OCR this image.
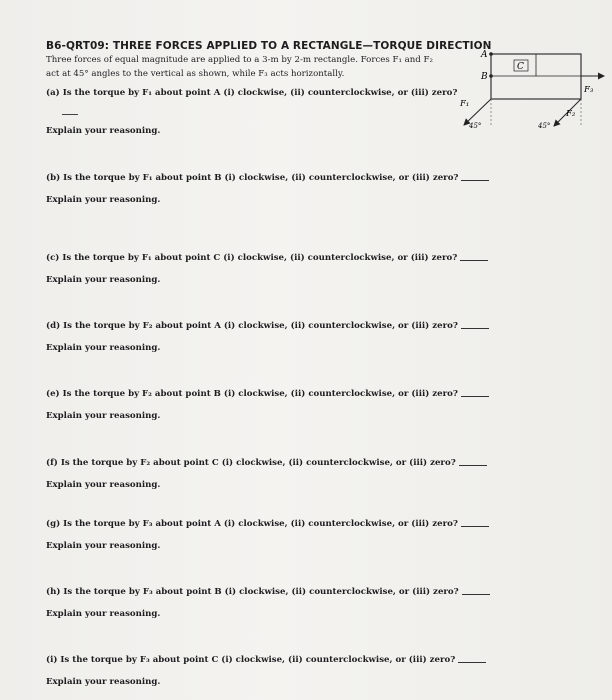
B6-QRT09: THREE FORCES APPLIED TO A RECTANGLE—TORQUE DIRECTION
Three forces of equal magnitude are applied to a 3-m by 2-m rectangle. Forces F₁ and F₂ act at 45° angles to the vertical as shown, while F₃ acts horizontally.
A
B
C
F₃
F₁
45°
F₂
45°
(a) Is the torque by F₁ about point A (i) clockwise, (ii) counterclockwise, or (iii) zero?
Explain your reasoning.
(b) Is the torque by F₁ about point B (i) clockwise, (ii) counterclockwise, or (iii) zero?
Explain your reasoning.
(c) Is the torque by F₁ about point C (i) clockwise, (ii) counterclockwise, or (iii) zero?
Explain your reasoning.
(d) Is the torque by F₂ about point A (i) clockwise, (ii) counterclockwise, or (iii) zero?
Explain your reasoning.
(e) Is the torque by F₂ about point B (i) clockwise, (ii) counterclockwise, or (iii) zero?
Explain your reasoning.
(f) Is the torque by F₂ about point C (i) clockwise, (ii) counterclockwise, or (iii) zero?
Explain your reasoning.
(g) Is the torque by F₃ about point A (i) clockwise, (ii) counterclockwise, or (iii) zero?
Explain your reasoning.
(h) Is the torque by F₃ about point B (i) clockwise, (ii) counterclockwise, or (iii) zero?
Explain your reasoning.
(i) Is the torque by F₃ about point C (i) clockwise, (ii) counterclockwise, or (iii) zero?
Explain your reasoning.
